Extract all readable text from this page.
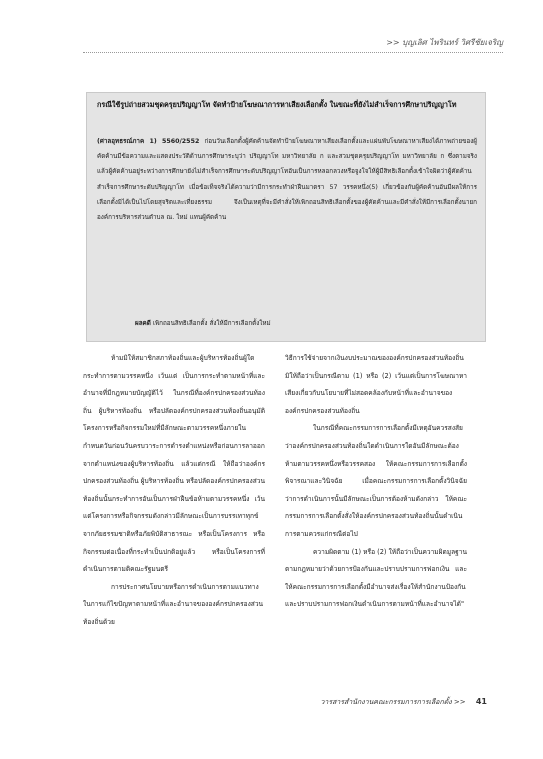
>> บุญเลิศ ไพรินทร์ วิศรีชัยเจริญ
กรณีใช้รูปถ่ายสวมชุดครุยปริญญาโท จัดทำป้ายโฆษณาการหาเสียงเลือกตั้ง ในขณะที่ยังไม่สำเร็จการศึกษาปริญญาโท
(ศาลอุทธรณ์ภาค 1) 5560/2552 ก่อนวันเลือกตั้งผู้คัดค้านจัดทำป้ายโฆษณาหาเสียงเลือกตั้งและแผ่นพับโฆษณาหาเสียงได้ภาพถ่ายของผู้คัดค้านมีข้อความและแสดงประวัติด้านการศึกษาระบุว่า ปริญญาโท มหาวิทยาลัย ก และสวมชุดครุยปริญญาโท มหาวิทยาลัย ก ซึ่งตามจริงแล้วผู้คัดค้านอยู่ระหว่างการศึกษายังไม่สำเร็จการศึกษาระดับปริญญาโทอันเป็นการหลอกลวงหรือจูงใจให้ผู้มีสิทธิเลือกตั้งเข้าใจผิดว่าผู้คัดค้านสำเร็จการศึกษาระดับปริญญาโท เมื่อข้อเท็จจริงได้ความว่ามีการกระทำฝ่าฝืนมาตรา 57 วรรคหนึ่ง(5) เกี่ยวข้องกับผู้คัดค้านอันมีผลให้การเลือกตั้งมิได้เป็นไปโดยสุจริตและเที่ยงธรรม จึงเป็นเหตุที่จะมีคำสั่งให้เพิกถอนสิทธิเลือกตั้งของผู้คัดค้านและมีคำสั่งให้มีการเลือกตั้งนายกองค์การบริหารส่วนตำบล ณ. ใหม่ แทนผู้คัดค้าน
ผลคดี เพิกถอนสิทธิเลือกตั้ง สั่งให้มีการเลือกตั้งใหม่

ห้ามมิให้สมาชิกสภาท้องถิ่นและผู้บริหารท้องถิ่นผู้ใดกระทำการตามวรรคหนึ่ง เว้นแต่ เป็นการกระทำตามหน้าที่และอำนาจที่มีกฎหมายบัญญัติไว้ ในกรณีที่องค์กรปกครองส่วนท้องถิ่น ผู้บริหารท้องถิ่น หรือปลัดองค์กรปกครองส่วนท้องถิ่นอนุมัติโครงการหรือกิจกรรมใหม่ที่มีลักษณะตามวรรคหนึ่งภายในกำหนดวันก่อนวันครบวาระการดำรงตำแหน่งหรือก่อนการลาออกจากตำแหน่งของผู้บริหารท้องถิ่น แล้วแต่กรณี ให้ถือว่าองค์กรปกครองส่วนท้องถิ่น ผู้บริหารท้องถิ่น หรือปลัดองค์กรปกครองส่วนท้องถิ่นนั้นกระทำการอันเป็นการฝ่าฝืนข้อห้ามตามวรรคหนึ่ง เว้นแต่โครงการหรือกิจกรรมดังกล่าวมีลักษณะเป็นการบรรเทาทุกข์จากภัยธรรมชาติหรือภัยพิบัติสาธารณะ หรือเป็นโครงการ หรือกิจกรรมต่อเนื่องที่กระทำเป็นปกติอยู่แล้ว หรือเป็นโครงการที่ดำเนินการตามติคณะรัฐมนตรี

การประกาศนโยบายหรือการดำเนินการตามแนวทางในการแก้ไขปัญหาตามหน้าที่และอำนาจขององค์กรปกครองส่วนท้องถิ่นด้วย

วิธีการใช้จ่ายจากเงินงบประมาณขององค์กรปกครองส่วนท้องถิ่นมิให้ถือว่าเป็นกรณีตาม (1) หรือ (2) เว้นแต่เป็นการโฆษณาหาเสียงเกี่ยวกับนโยบายที่ไม่สอดคล้องกับหน้าที่และอำนาจขององค์กรปกครองส่วนท้องถิ่น

ในกรณีที่คณะกรรมการการเลือกตั้งมีเหตุอันควรสงสัยว่าองค์กรปกครองส่วนท้องถิ่นใดดำเนินการใดอันมีลักษณะต้องห้ามตามวรรคหนึ่งหรือวรรคสอง ให้คณะกรรมการการเลือกตั้งพิจารณาและวินิจฉัย เมื่อคณะกรรมการการเลือกตั้งวินิจฉัยว่าการดำเนินการนั้นมีลักษณะเป็นการต้องห้ามดังกล่าว ให้คณะกรรมการการเลือกตั้งสั่งให้องค์กรปกครองส่วนท้องถิ่นนั้นดำเนินการตามควรแก่กรณีต่อไป

ความผิดตาม (1) หรือ (2) ให้ถือว่าเป็นความผิดมูลฐานตามกฎหมายว่าด้วยการป้องกันและปราบปรามการฟอกเงิน และให้คณะกรรมการการเลือกตั้งมีอำนาจส่งเรื่องให้สำนักงานป้องกันและปราบปรามการฟอกเงินดำเนินการตามหน้าที่และอำนาจได้"

วารสารสำนักงานคณะกรรมการการเลือกตั้ง >> 41
